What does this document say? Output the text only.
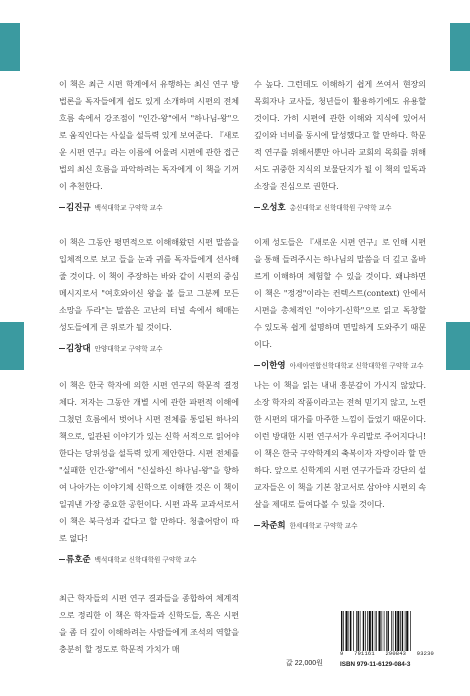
이 책은 최근 시편 학계에서 유행하는 최신 연구 방법론을 독자들에게 쉽도 있게 소개하며 시편의 전체 흐름 속에서 강조점이 "인간-왕"에서 "하나님-왕"으로 움직인다는 사실을 설득력 있게 보여준다. 『새로운 시편 연구』라는 이름에 어울려 시편에 관한 접근법의 최신 흐름을 파악하려는 독자에게 이 책을 기꺼이 추천한다.

김진규 백석대학교 구약학 교수

이 책은 그동안 평면적으로 이해해왔던 시편 말씀을 입체적으로 보고 들을 눈과 귀를 독자들에게 선사해줄 것이다. 이 책이 주장하는 바와 같이 시편의 중심 메시지로서 "여호와이신 왕을 볼 들고 그분께 모든 소망을 두라"는 말씀은 고난의 터널 속에서 헤매는 성도들에게 큰 위로가 될 것이다.

김창대 안양대학교 구약학 교수

이 책은 한국 학자에 의한 시편 연구의 학문적 결정체다. 저자는 그동안 개별 시에 관한 파편적 이해에 그쳤던 흐름에서 벗어나 시편 전체를 통일된 하나의 책으로, 일관된 이야기가 있는 신학 서적으로 읽어야 한다는 당위성을 설득력 있게 제안한다. 시편 전체를 "실패한 인간-왕"에서 "신실하신 하나님-왕"을 향하여 나아가는 이야기체 신학으로 이해한 것은 이 책이 일궈낸 가장 중요한 공헌이다. 시편 과목 교과서로서 이 책은 북극성과 같다고 할 만하다. 청출어람이 따로 없다!

류호준 백석대학교 신학대학원 구약학 교수

최근 학자들의 시편 연구 결과들을 종합하여 체계적으로 정리한 이 책은 학자들과 신학도들, 혹은 시편을 좀 더 깊이 이해하려는 사람들에게 조석의 역할을 충분히 할 정도로 학문적 가치가 매

수 높다. 그런데도 이해하기 쉽게 쓰여서 현장의 목회자나 교사들, 청년들이 활용하기에도 유용할 것이다. 가히 시편에 관한 이해와 지식에 있어서 깊이와 너비를 동시에 달성했다고 할 만하다. 학문적 연구를 위해서뿐만 아니라 교회의 목회를 위해서도 귀중한 지식의 보물단지가 될 이 책의 일독과 소장을 진심으로 권한다.

오성호 총신대학교 신학대학원 구약학 교수

이제 성도들은 『새로운 시편 연구』로 인해 시편을 통해 들려주시는 하나님의 말씀을 더 깊고 올바르게 이해하며 체험할 수 있을 것이다. 왜냐하면 이 책은 "정경"이라는 컨텍스트(context) 안에서 시편을 총체적인 "이야기-신학"으로 읽고 독창할 수 있도록 쉽게 설명하며 면밀하게 도와주기 때문이다.

이한영 아세아연합신학대학교 신학대학원 구약학 교수

나는 이 책을 읽는 내내 흥분감이 가시지 않았다. 소장 학자의 작품이라고는 전혀 믿기지 않고, 노련한 시편의 대가를 마주한 느낌이 들었기 때문이다. 이런 방대한 시편 연구서가 우리말로 주어지다니! 이 책은 한국 구약학계의 축복이자 자랑이라 할 만하다. 앞으로 신학계의 시편 연구가들과 강단의 설교자들은 이 책을 기본 참고서로 삼아야 시편의 속살을 제대로 들여다볼 수 있을 것이다.

차준희 한세대학교 구약학 교수
값 22,000원
9 791161 290843 93230
ISBN 979-11-6129-084-3
